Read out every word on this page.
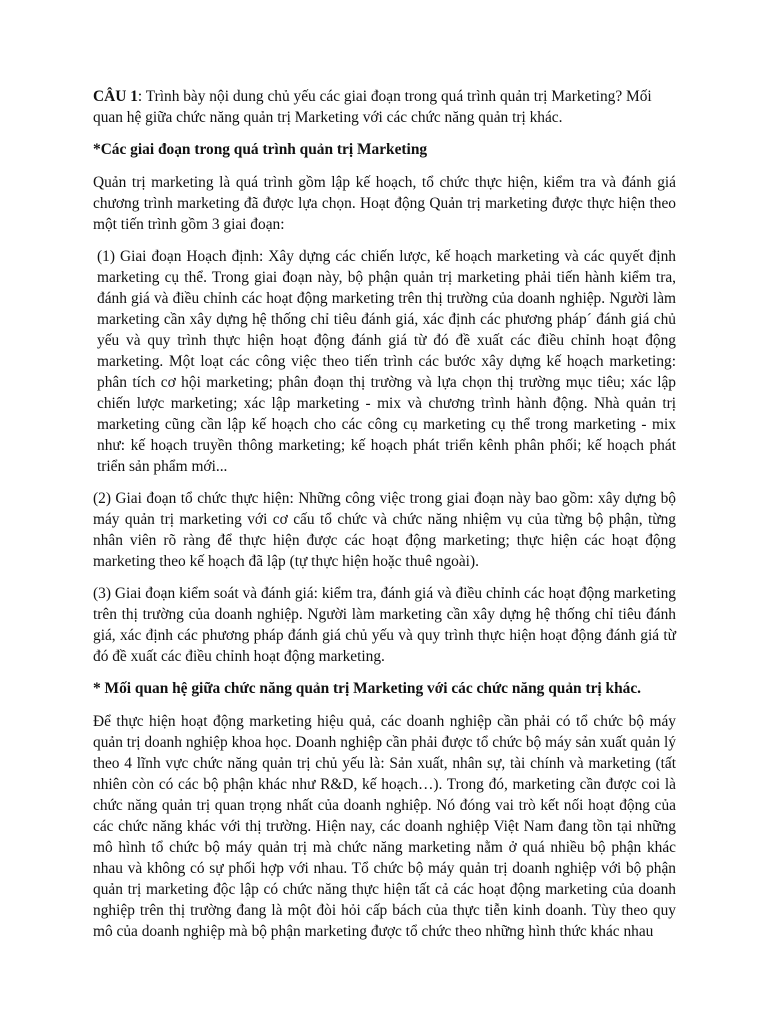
CÂU 1: Trình bày nội dung chủ yếu các giai đoạn trong quá trình quản trị Marketing? Mối quan hệ giữa chức năng quản trị Marketing với các chức năng quản trị khác.

*Các giai đoạn trong quá trình quản trị Marketing

Quản trị marketing là quá trình gồm lập kế hoạch, tổ chức thực hiện, kiểm tra và đánh giá chương trình marketing đã được lựa chọn. Hoạt động Quản trị marketing được thực hiện theo một tiến trình gồm 3 giai đoạn:

(1) Giai đoạn Hoạch định: Xây dựng các chiến lược, kế hoạch marketing và các quyết định marketing cụ thể. Trong giai đoạn này, bộ phận quản trị marketing phải tiến hành kiểm tra, đánh giá và điều chỉnh các hoạt động marketing trên thị trường của doanh nghiệp. Người làm marketing cần xây dựng hệ thống chỉ tiêu đánh giá, xác định các phương pháp´ đánh giá chủ yếu và quy trình thực hiện hoạt động đánh giá từ đó đề xuất các điều chỉnh hoạt động marketing. Một loạt các công việc theo tiến trình các bước xây dựng kế hoạch marketing: phân tích cơ hội marketing; phân đoạn thị trường và lựa chọn thị trường mục tiêu; xác lập chiến lược marketing; xác lập marketing - mix và chương trình hành động. Nhà quản trị marketing cũng cần lập kế hoạch cho các công cụ marketing cụ thể trong marketing - mix như: kế hoạch truyền thông marketing; kế hoạch phát triển kênh phân phối; kế hoạch phát triển sản phẩm mới...

(2) Giai đoạn tổ chức thực hiện: Những công việc trong giai đoạn này bao gồm: xây dựng bộ máy quản trị marketing với cơ cấu tổ chức và chức năng nhiệm vụ của từng bộ phận, từng nhân viên rõ ràng để thực hiện được các hoạt động marketing; thực hiện các hoạt động marketing theo kế hoạch đã lập (tự thực hiện hoặc thuê ngoài).

(3) Giai đoạn kiểm soát và đánh giá: kiểm tra, đánh giá và điều chỉnh các hoạt động marketing trên thị trường của doanh nghiệp. Người làm marketing cần xây dựng hệ thống chỉ tiêu đánh giá, xác định các phương pháp đánh giá chủ yếu và quy trình thực hiện hoạt động đánh giá từ đó đề xuất các điều chỉnh hoạt động marketing.

* Mối quan hệ giữa chức năng quản trị Marketing với các chức năng quản trị khác.

Để thực hiện hoạt động marketing hiệu quả, các doanh nghiệp cần phải có tổ chức bộ máy quản trị doanh nghiệp khoa học. Doanh nghiệp cần phải được tổ chức bộ máy sản xuất quản lý theo 4 lĩnh vực chức năng quản trị chủ yếu là: Sản xuất, nhân sự, tài chính và marketing (tất nhiên còn có các bộ phận khác như R&D, kế hoạch…). Trong đó, marketing cần được coi là chức năng quản trị quan trọng nhất của doanh nghiệp. Nó đóng vai trò kết nối hoạt động của các chức năng khác với thị trường. Hiện nay, các doanh nghiệp Việt Nam đang tồn tại những mô hình tổ chức bộ máy quản trị mà chức năng marketing nằm ở quá nhiều bộ phận khác nhau và không có sự phối hợp với nhau. Tổ chức bộ máy quản trị doanh nghiệp với bộ phận quản trị marketing độc lập có chức năng thực hiện tất cả các hoạt động marketing của doanh nghiệp trên thị trường đang là một đòi hỏi cấp bách của thực tiễn kinh doanh. Tùy theo quy mô của doanh nghiệp mà bộ phận marketing được tổ chức theo những hình thức khác nhau
